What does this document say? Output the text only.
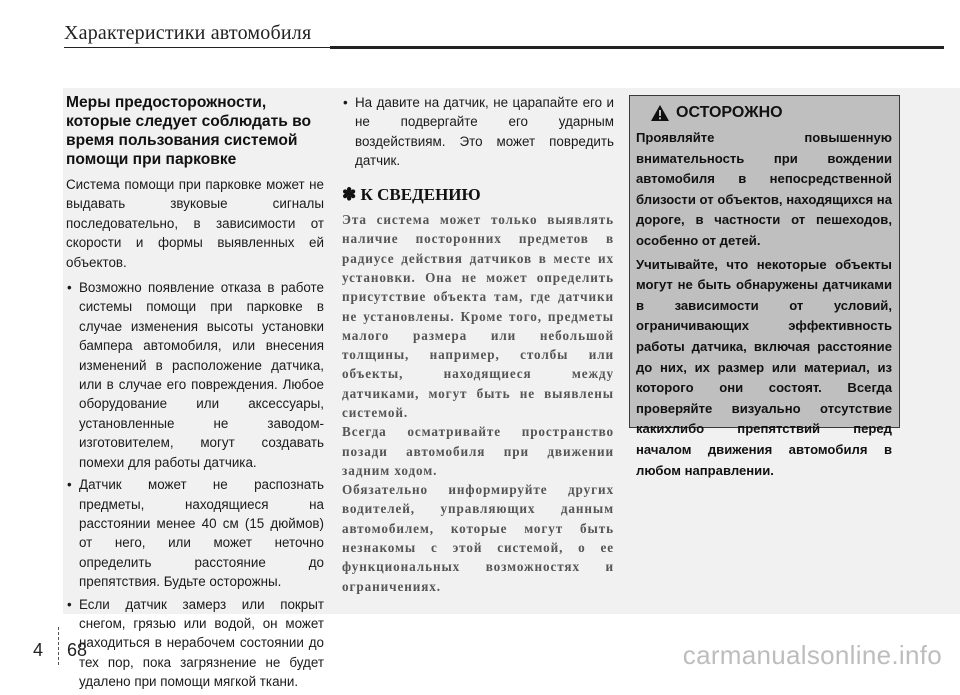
Характеристики автомобиля
Меры предосторожности, которые следует соблюдать во время пользования системой помощи при парковке

Система помощи при парковке может не выдавать звуковые сигналы последовательно, в зависимости от скорости и формы выявленных ей объектов.

• Возможно появление отказа в работе системы помощи при парковке в случае изменения высоты установки бампера автомобиля, или внесения изменений в расположение датчика, или в случае его повреждения. Любое оборудование или аксессуары, установленные не заводом-изготовителем, могут создавать помехи для работы датчика.
• Датчик может не распознать предметы, находящиеся на расстоянии менее 40 см (15 дюймов) от него, или может неточно определить расстояние до препятствия. Будьте осторожны.
• Если датчик замерз или покрыт снегом, грязью или водой, он может находиться в нерабочем состоянии до тех пор, пока загрязнение не будет удалено при помощи мягкой ткани.
• На давите на датчик, не царапайте его и не подвергайте его ударным воздействиям. Это может повредить датчик.
✽ К СВЕДЕНИЮ

Эта система может только выявлять наличие посторонних предметов в радиусе действия датчиков в месте их установки. Она не может определить присутствие объекта там, где датчики не установлены. Кроме того, предметы малого размера или небольшой толщины, например, столбы или объекты, находящиеся между датчиками, могут быть не выявлены системой.

Всегда осматривайте пространство позади автомобиля при движении задним ходом.

Обязательно информируйте других водителей, управляющих данным автомобилем, которые могут быть незнакомы с этой системой, о ее функциональных возможностях и ограничениях.

ОСТОРОЖНО

Проявляйте повышенную внимательность при вождении автомобиля в непосредственной близости от объектов, находящихся на дороге, в частности от пешеходов, особенно от детей.

Учитывайте, что некоторые объекты могут не быть обнаружены датчиками в зависимости от условий, ограничивающих эффективность работы датчика, включая расстояние до них, их размер или материал, из которого они состоят. Всегда проверяйте визуально отсутствие какихлибо препятствий перед началом движения автомобиля в любом направлении.

4 68	carmanualsonline.info
